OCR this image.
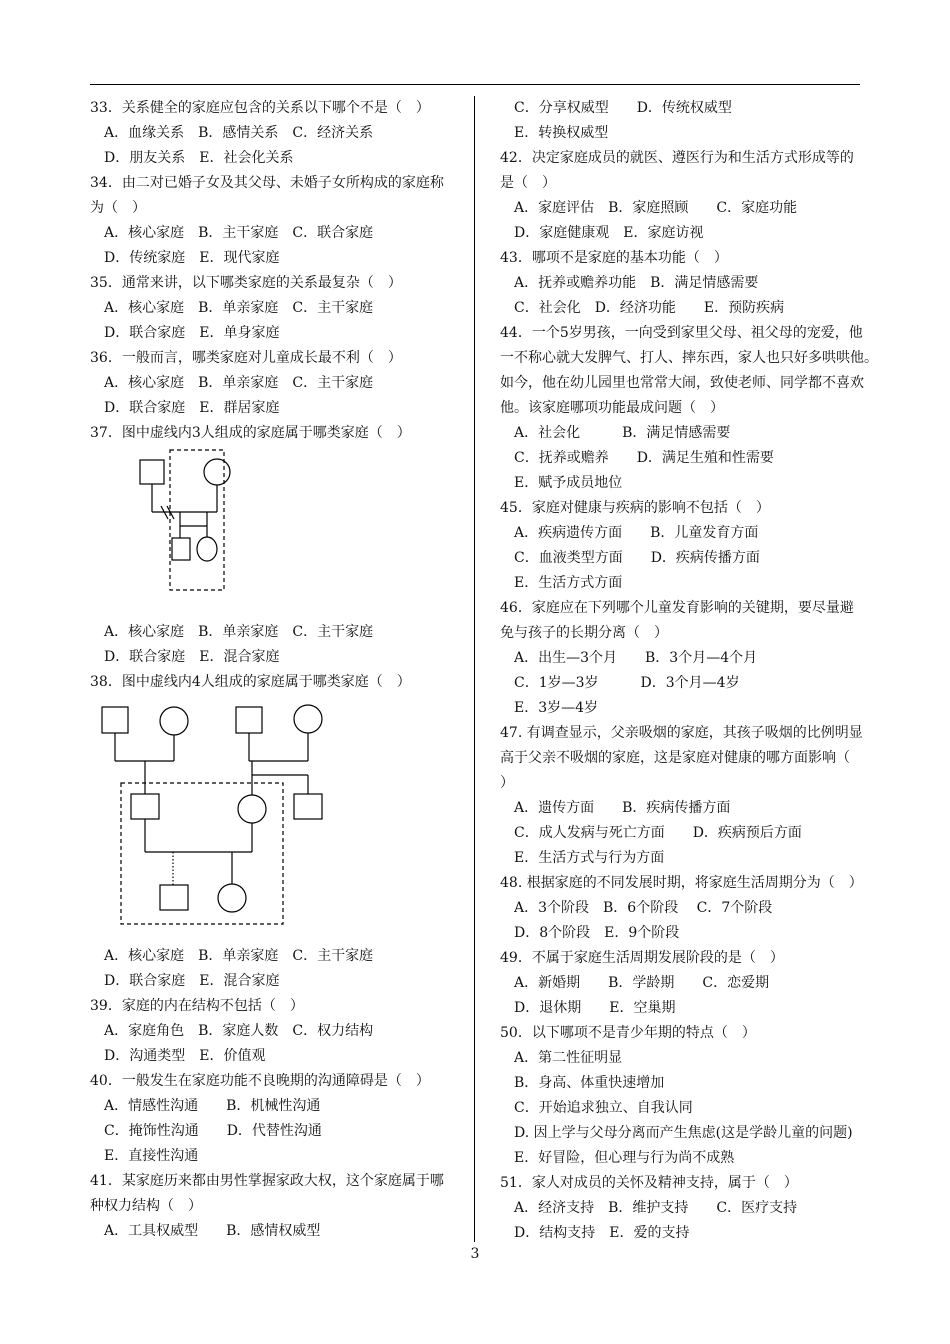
33．关系健全的家庭应包含的关系以下哪个不是（　）
A．血缘关系　B．感情关系　C．经济关系
D．朋友关系　E．社会化关系
34．由二对已婚子女及其父母、未婚子女所构成的家庭称
为（　）
A．核心家庭　B．主干家庭　C．联合家庭
D．传统家庭　E．现代家庭
35．通常来讲，以下哪类家庭的关系最复杂（　）
A．核心家庭　B．单亲家庭　C．主干家庭
D．联合家庭　E．单身家庭
36．一般而言，哪类家庭对儿童成长最不利（　）
A．核心家庭　B．单亲家庭　C．主干家庭
D．联合家庭　E．群居家庭
37．图中虚线内3人组成的家庭属于哪类家庭（　）
A．核心家庭　B．单亲家庭　C．主干家庭
D．联合家庭　E．混合家庭
38．图中虚线内4人组成的家庭属于哪类家庭（　）
A．核心家庭　B．单亲家庭　C．主干家庭
D．联合家庭　E．混合家庭
39．家庭的内在结构不包括（　）
A．家庭角色　B．家庭人数　C．权力结构
D．沟通类型　E．价值观
40．一般发生在家庭功能不良晚期的沟通障碍是（　）
A．情感性沟通　　B．机械性沟通
C．掩饰性沟通　　D．代替性沟通
E．直接性沟通
41．某家庭历来都由男性掌握家政大权，这个家庭属于哪
种权力结构（　）
A．工具权威型　　B．感情权威型
C．分享权威型　　D．传统权威型
E．转换权威型
42．决定家庭成员的就医、遵医行为和生活方式形成等的
是（　）
A．家庭评估　B．家庭照顾　　C．家庭功能
D．家庭健康观　E．家庭访视
43．哪项不是家庭的基本功能（　）
A．抚养或赡养功能　B．满足情感需要
C．社会化　D．经济功能　　E．预防疾病
44．一个5岁男孩，一向受到家里父母、祖父母的宠爱，他
一不称心就大发脾气、打人、摔东西，家人也只好多哄哄他。
如今，他在幼儿园里也常常大闹，致使老师、同学都不喜欢
他。该家庭哪项功能最成问题（　）
A．社会化　　　B．满足情感需要
C．抚养或赡养　　D．满足生殖和性需要
E．赋予成员地位
45．家庭对健康与疾病的影响不包括（　）
A．疾病遗传方面　　B．儿童发育方面
C．血液类型方面　　D．疾病传播方面
E．生活方式方面
46．家庭应在下列哪个儿童发育影响的关键期，要尽量避
免与孩子的长期分离（　）
A．出生—3个月　　B．3个月—4个月
C．1岁—3岁　　　D．3个月—4岁
E．3岁—4岁
47. 有调查显示，父亲吸烟的家庭，其孩子吸烟的比例明显
高于父亲不吸烟的家庭，这是家庭对健康的哪方面影响（
）
A．遗传方面　　B．疾病传播方面
C．成人发病与死亡方面　　D．疾病预后方面
E．生活方式与行为方面
48. 根据家庭的不同发展时期，将家庭生活周期分为（　）
A．3个阶段　B．6个阶段　 C．7个阶段
D．8个阶段　E．9个阶段
49．不属于家庭生活周期发展阶段的是（　）
A．新婚期　　B．学龄期　　C．恋爱期
D．退休期　　E．空巢期
50．以下哪项不是青少年期的特点（　）
A．第二性征明显
B．身高、体重快速增加
C．开始追求独立、自我认同
D. 因上学与父母分离而产生焦虑(这是学龄儿童的问题)
E．好冒险，但心理与行为尚不成熟
51．家人对成员的关怀及精神支持，属于（　）
A．经济支持　B．维护支持　　C．医疗支持
D．结构支持　E．爱的支持
3
